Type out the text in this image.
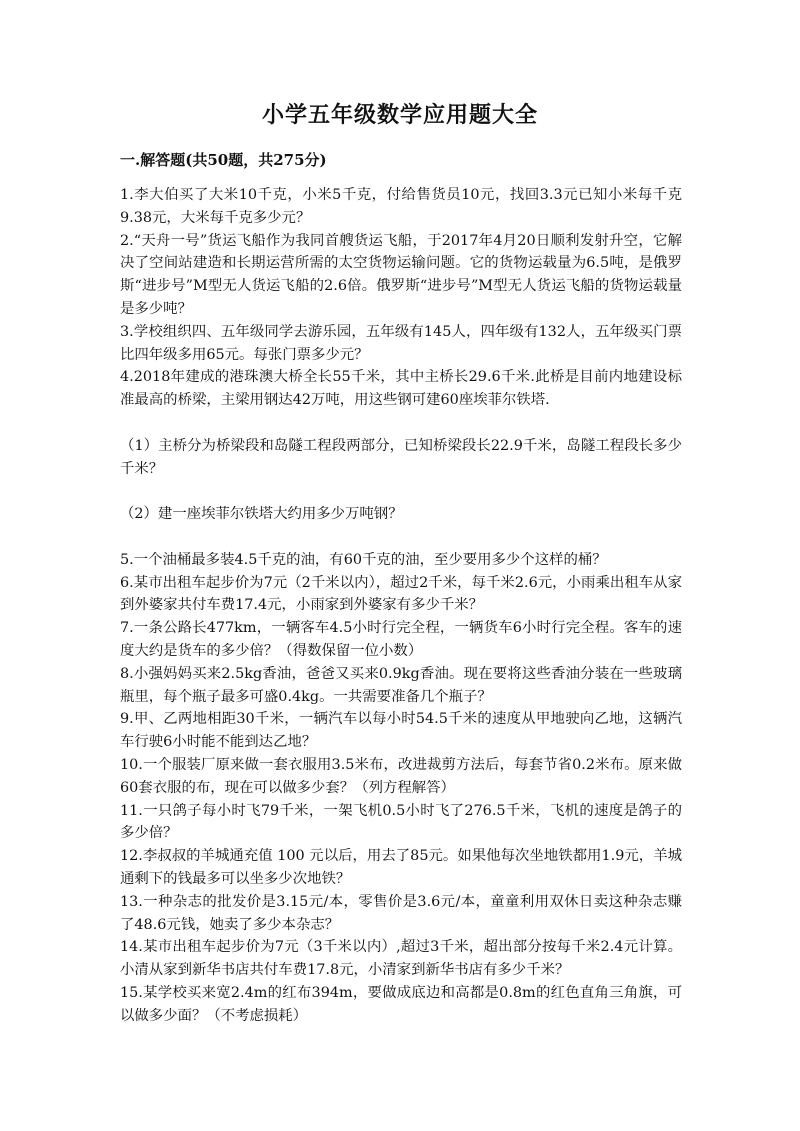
小学五年级数学应用题大全
一.解答题(共50题，共275分)

1.李大伯买了大米10千克，小米5千克，付给售货员10元，找回3.3元已知小米每千克9.38元，大米每千克多少元？

2.“天舟一号”货运飞船作为我同首艘货运飞船，于2017年4月20日顺利发射升空，它解决了空间站建造和长期运营所需的太空货物运输问题。它的货物运载量为6.5吨，是俄罗斯“进步号”M型无人货运飞船的2.6倍。俄罗斯“进步号”M型无人货运飞船的货物运载量是多少吨？

3.学校组织四、五年级同学去游乐园，五年级有145人，四年级有132人，五年级买门票比四年级多用65元。每张门票多少元？

4.2018年建成的港珠澳大桥全长55千米，其中主桥长29.6千米.此桥是目前内地建设标准最高的桥梁，主梁用钢达42万吨，用这些钢可建60座埃菲尔铁塔.

（1）主桥分为桥梁段和岛隧工程段两部分，已知桥梁段长22.9千米，岛隧工程段长多少千米？

（2）建一座埃菲尔铁塔大约用多少万吨钢？

5.一个油桶最多装4.5千克的油，有60千克的油，至少要用多少个这样的桶？

6.某市出租车起步价为7元（2千米以内），超过2千米，每千米2.6元，小雨乘出租车从家到外婆家共付车费17.4元，小雨家到外婆家有多少千米？

7.一条公路长477km，一辆客车4.5小时行完全程，一辆货车6小时行完全程。客车的速度大约是货车的多少倍？（得数保留一位小数）

8.小强妈妈买来2.5kg香油，爸爸又买来0.9kg香油。现在要将这些香油分装在一些玻璃瓶里，每个瓶子最多可盛0.4kg。一共需要准备几个瓶子？

9.甲、乙两地相距30千米，一辆汽车以每小时54.5千米的速度从甲地驶向乙地，这辆汽车行驶6小时能不能到达乙地？

10.一个服装厂原来做一套衣服用3.5米布，改进裁剪方法后，每套节省0.2米布。原来做60套衣服的布，现在可以做多少套？（列方程解答）

11.一只鸽子每小时飞79千米，一架飞机0.5小时飞了276.5千米，飞机的速度是鸽子的多少倍？

12.李叔叔的羊城通充值 100 元以后，用去了85元。如果他每次坐地铁都用1.9元，羊城通剩下的钱最多可以坐多少次地铁？

13.一种杂志的批发价是3.15元/本，零售价是3.6元/本，童童利用双休日卖这种杂志赚了48.6元钱，她卖了多少本杂志？

14.某市出租车起步价为7元（3千米以内）,超过3千米，超出部分按每千米2.4元计算。小清从家到新华书店共付车费17.8元，小清家到新华书店有多少千米？

15.某学校买来宽2.4m的红布394m，要做成底边和高都是0.8m的红色直角三角旗，可以做多少面？（不考虑损耗）
